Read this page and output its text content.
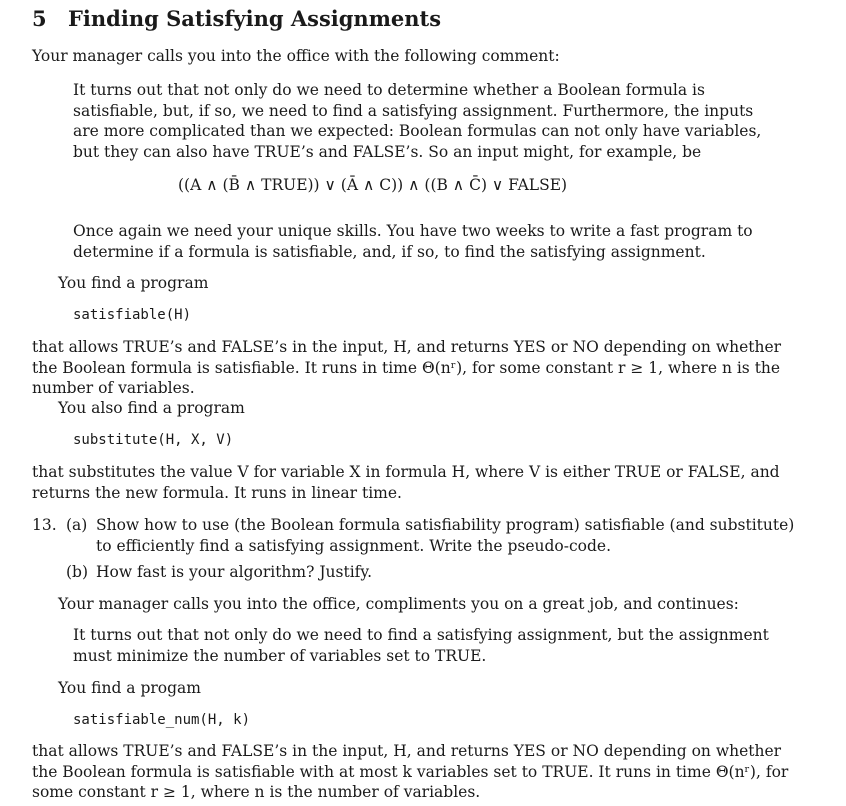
5 Finding Satisfying Assignments

Your manager calls you into the office with the following comment:

It turns out that not only do we need to determine whether a Boolean formula is
satisfiable, but, if so, we need to find a satisfying assignment. Furthermore, the inputs
are more complicated than we expected: Boolean formulas can not only have variables,
but they can also have TRUE’s and FALSE’s. So an input might, for example, be

((A ∧ (B̄ ∧ TRUE)) ∨ (Ā ∧ C)) ∧ ((B ∧ C̄) ∨ FALSE)

Once again we need your unique skills. You have two weeks to write a fast program to
determine if a formula is satisfiable, and, if so, to find the satisfying assignment.

You find a program

satisfiable(H)

that allows TRUE’s and FALSE’s in the input, H, and returns YES or NO depending on whether
the Boolean formula is satisfiable. It runs in time Θ(nʳ), for some constant r ≥ 1, where n is the
number of variables.

You also find a program

substitute(H, X, V)

that substitutes the value V for variable X in formula H, where V is either TRUE or FALSE, and
returns the new formula. It runs in linear time.
13. (a) Show how to use (the Boolean formula satisfiability program) satisfiable (and substitute)
to efficiently find a satisfying assignment. Write the pseudo-code.
(b) How fast is your algorithm? Justify.

Your manager calls you into the office, compliments you on a great job, and continues:

It turns out that not only do we need to find a satisfying assignment, but the assignment
must minimize the number of variables set to TRUE.

You find a progam

satisfiable_num(H, k)

that allows TRUE’s and FALSE’s in the input, H, and returns YES or NO depending on whether
the Boolean formula is satisfiable with at most k variables set to TRUE. It runs in time Θ(nʳ), for
some constant r ≥ 1, where n is the number of variables.
